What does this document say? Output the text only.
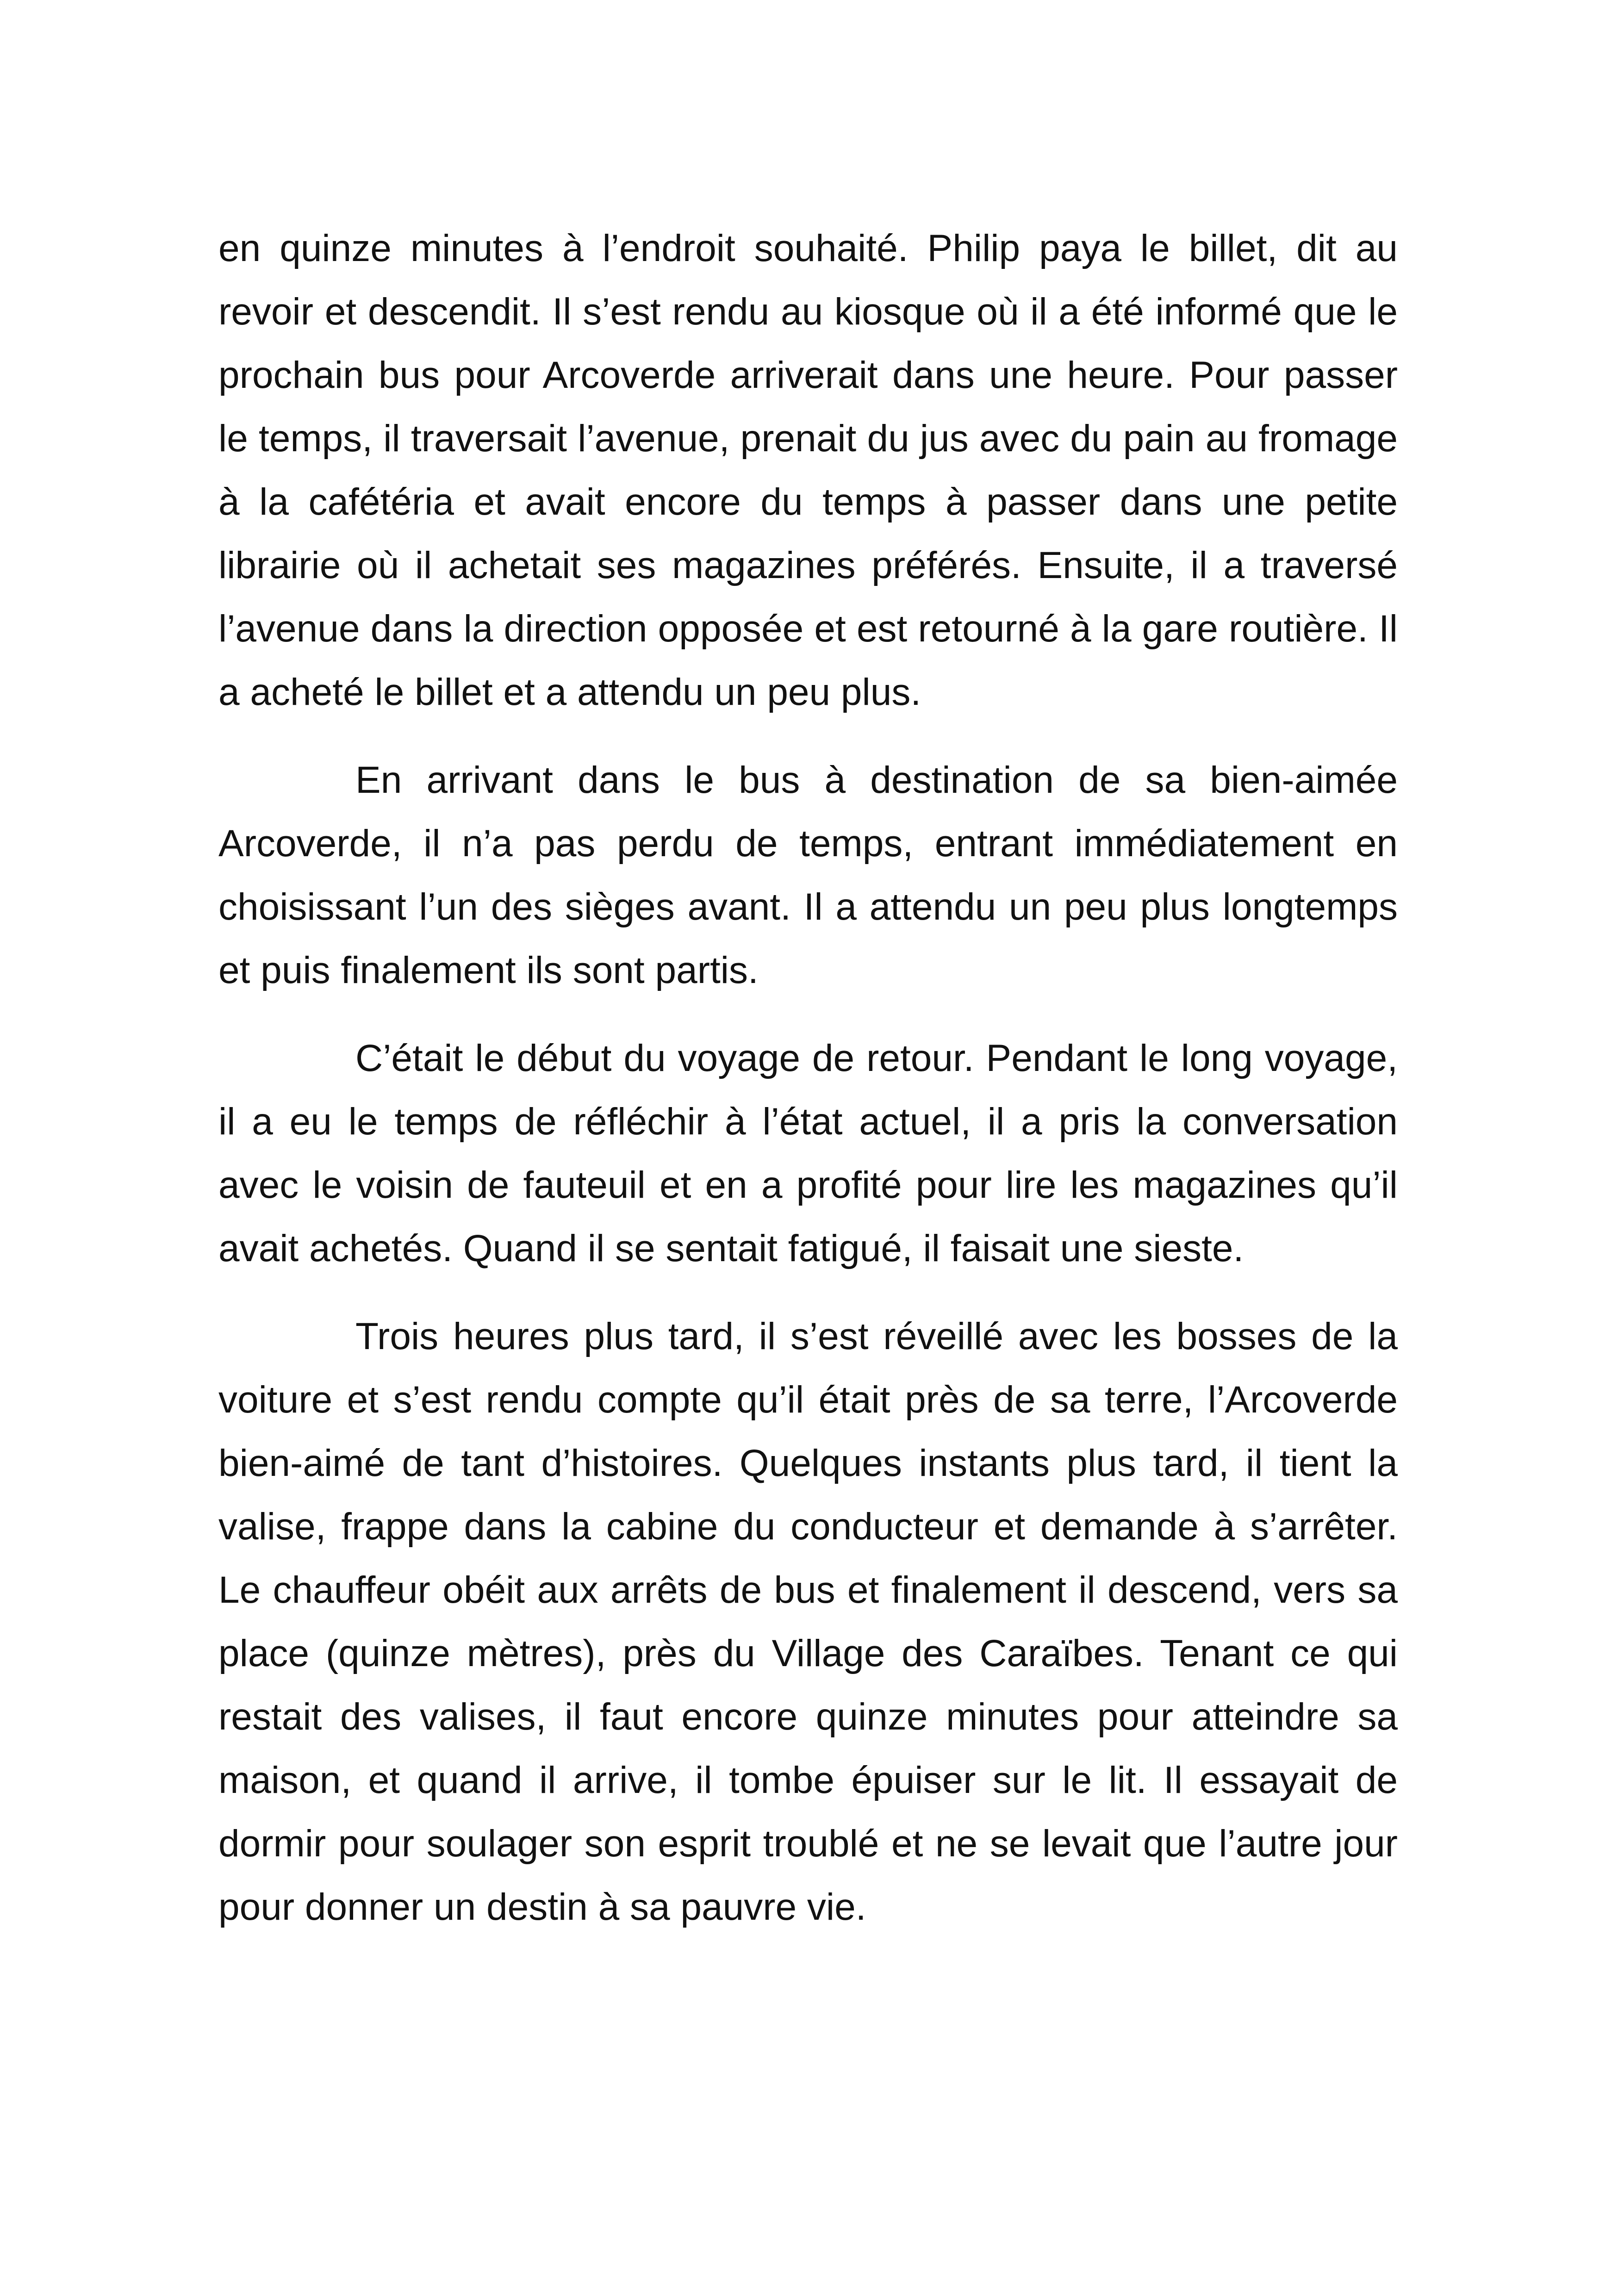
en quinze minutes à l’endroit souhaité. Philip paya le billet, dit au revoir et descendit. Il s’est rendu au kiosque où il a été informé que le prochain bus pour Arcoverde arriverait dans une heure. Pour passer le temps, il traversait l’avenue, prenait du jus avec du pain au fromage à la cafétéria et avait encore du temps à passer dans une petite librairie où il achetait ses magazines préférés. Ensuite, il a traversé l’avenue dans la direction opposée et est retourné à la gare routière. Il a acheté le billet et a attendu un peu plus.

En arrivant dans le bus à destination de sa bien-aimée Arcoverde, il n’a pas perdu de temps, entrant immédiatement en choisissant l’un des sièges avant. Il a attendu un peu plus longtemps et puis finalement ils sont partis.

C’était le début du voyage de retour. Pendant le long voyage, il a eu le temps de réfléchir à l’état actuel, il a pris la conversation avec le voisin de fauteuil et en a profité pour lire les magazines qu’il avait achetés. Quand il se sentait fatigué, il faisait une sieste.

Trois heures plus tard, il s’est réveillé avec les bosses de la voiture et s’est rendu compte qu’il était près de sa terre, l’Arcoverde bien-aimé de tant d’histoires. Quelques instants plus tard, il tient la valise, frappe dans la cabine du conducteur et demande à s’arrêter. Le chauffeur obéit aux arrêts de bus et finalement il descend, vers sa place (quinze mètres), près du Village des Caraïbes. Tenant ce qui restait des valises, il faut encore quinze minutes pour atteindre sa maison, et quand il arrive, il tombe épuiser sur le lit. Il essayait de dormir pour soulager son esprit troublé et ne se levait que l’autre jour pour donner un destin à sa pauvre vie.
